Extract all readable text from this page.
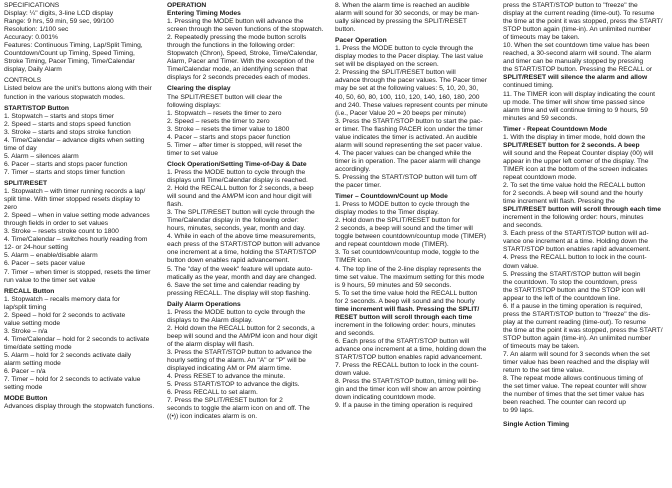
SPECIFICATIONS

Display: ¼" digits, 3-line LCD display

Range: 9 hrs, 59 min, 59 sec, 99/100

Resolution: 1/100 sec

Accuracy: 0.001%

Features: Continuous Timing, Lap/Split Timing,

Countdown/Count up Timing, Speed Timing,

Stroke Timing, Pacer Timing, Time/Calendar

display, Daily Alarm

CONTROLS

Listed below are the unit's buttons along with their

function in the various stopwatch modes.

START/STOP Button

1. Stopwatch – starts and stops timer

2. Speed – starts and stops speed function

3. Stroke – starts and stops stroke function

4. Time/Calendar – advance digits when setting

time of day

5. Alarm – silences alarm

6. Pacer – starts and stops pacer function

7. Timer – starts and stops timer function

SPLIT/RESET

1. Stopwatch – with timer running records a lap/

split time. With timer stopped resets display to

zero

2. Speed – when in value setting mode advances

through fields in order to set values

3. Stroke – resets stroke count to 1800

4. Time/Calendar – switches hourly reading from

12- or 24-hour setting

5. Alarm – enable/disable alarm

6. Pacer – sets pacer value

7. Timer – when timer is stopped, resets the timer

run value to the timer set value

RECALL Button

1. Stopwatch – recalls memory data for

lap/split timing

2. Speed – hold for 2 seconds to activate

value setting mode

3. Stroke – n/a

4. Time/Calendar – hold for 2 seconds to activate

time/date setting mode

5. Alarm – hold for 2 seconds activate daily

alarm setting mode

6. Pacer – n/a

7. Timer – hold for 2 seconds to activate value

setting mode

MODE Button

Advances display through the stopwatch functions.

OPERATION

Entering Timing Modes

1. Pressing the MODE button will advance the

screen through the seven functions of the stopwatch.

2. Repeatedly pressing the mode button scrolls

through the functions in the following order:

Stopwatch (Chron), Speed, Stroke, Time/Calendar,

Alarm, Pacer and Timer. With the exception of the

Time/Calendar mode, an identifying screen that

displays for 2 seconds precedes each of modes.

Clearing the display

The SPLIT/RESET button will clear the

following displays:

1. Stopwatch – resets the timer to zero

2. Speed – resets the timer to zero

3. Stroke – resets the timer value to 1800

4. Pacer – starts and stops pacer function

5. Timer – after timer is stopped, will reset the

timer to set value

Clock Operation/Setting Time-of-Day & Date

1. Press the MODE button to cycle through the

displays until Time/Calendar display is reached.

2. Hold the RECALL button for 2 seconds, a beep

will sound and the AM/PM icon and hour digit will

flash.

3. The SPLIT/RESET button will cycle through the

Time/Calendar display in the following order:

hours, minutes, seconds, year, month and day.

4. While in each of the above time measurements,

each press of the START/STOP button will advance

one increment at a time, holding the START/STOP

button down enables rapid advancement.

5. The "day of the week" feature will update auto-

matically as the year, month and day are changed.

6. Save the set time and calendar reading by

pressing RECALL. The display will stop flashing.

Daily Alarm Operations

1. Press the MODE button to cycle through the

displays to the Alarm display.

2. Hold down the RECALL button for 2 seconds, a

beep will sound and the AM/PM icon and hour digit

of the alarm display will flash.

3. Press the START/STOP button to advance the

hourly setting of the alarm. An "A" or "P" will be

displayed indicating AM or PM alarm time.

4. Press RESET to advance the minute.

5. Press START/STOP to advance the digits.

6. Press RECALL to set alarm.

7. Press the SPLIT/RESET button for 2

seconds to toggle the alarm icon on and off. The

((•)) icon indicates alarm is on.

8. When the alarm time is reached an audible

alarm will sound for 30 seconds, or may be man-

ually silenced by pressing the SPLIT/RESET

button.

Pacer Operation

1. Press the MODE button to cycle through the

display modes to the Pacer display. The last value

set will be displayed on the screen.

2. Pressing the SPLIT/RESET button will

advance through the pacer values. The Pacer timer

may be set at the following values: 5, 10, 20, 30,

40, 50, 60, 80, 100, 110, 120, 140, 160, 180, 200

and 240. These values represent counts per minute

(i.e., Pacer Value 20 = 20 beeps per minute)

3. Press the START/STOP button to start the pac-

er timer. The flashing PACER icon under the timer

value indicates the timer is activated. An audible

alarm will sound representing the set pacer value.

4. The pacer values can be changed while the

timer is in operation. The pacer alarm will change

accordingly.

5. Pressing the START/STOP button will turn off

the pacer timer.

Timer – Countdown/Count up Mode

1. Press to MODE button to cycle through the

display modes to the Timer display.

2. Hold down the SPLIT/RESET button for

2 seconds, a beep will sound and the timer will

toggle between countdown/countup mode (TIMER)

and repeat countdown mode (TIMER).

3. To set countdown/countup mode, toggle to the

TIMER icon.

4. The top line of the 2-line display represents the

time set value. The maximum setting for this mode

is 9 hours, 59 minutes and 59 seconds.

5. To set the time value hold the RECALL button

for 2 seconds. A beep will sound and the hourly

time increment will flash. Pressing the SPLIT/

RESET button will scroll through each time

increment in the following order: hours, minutes

and seconds.

6. Each press of the START/STOP button will

advance one increment at a time, holding down the

START/STOP button enables rapid advancement.

7. Press the RECALL button to lock in the count-

down value.

8. Press the START/STOP button, timing will be-

gin and the timer icon will show an arrow pointing

down indicating countdown mode.

9. If a pause in the timing operation is required

press the START/STOP button to "freeze" the

display at the current reading (time-out). To resume

the time at the point it was stopped, press the START/

STOP button again (time-in). An unlimited number

of timeouts may be taken.

10. When the set countdown time value has been

reached, a 30-second alarm will sound. The alarm

and timer can be manually stopped by pressing

the START/STOP button. Pressing the RECALL or

SPLIT/RESET will silence the alarm and allow

continued timing.

11. The TIMER icon will display indicating the count

up mode. The timer will show time passed since

alarm time and will continue timing to 9 hours, 59

minutes and 59 seconds.

Timer - Repeat Countdown Mode

1. With the display in timer mode, hold down the

SPLIT/RESET button for 2 seconds. A beep

will sound and the Repeat Counter display (00) will

appear in the upper left corner of the display. The

TIMER icon at the bottom of the screen indicates

repeat countdown mode.

2. To set the time value hold the RECALL button

for 2 seconds. A beep will sound and the hourly

time increment will flash. Pressing the

SPLIT/RESET button will scroll through each time

increment in the following order: hours, minutes

and seconds.

3. Each press of the START/STOP button will ad-

vance one increment at a time. Holding down the

START/STOP button enables rapid advancement.

4. Press the RECALL button to lock in the count-

down value.

5. Pressing the START/STOP button will begin

the countdown. To stop the countdown, press

the START/STOP button and the STOP icon will

appear to the left of the countdown line.

6. If a pause in the timing operation is required,

press the START/STOP button to "freeze" the dis-

play at the current reading (time-out). To resume

the time at the point it was stopped, press the START/

STOP button again (time-in). An unlimited number

of timeouts may be taken.

7. An alarm will sound for 3 seconds when the set

timer value has been reached and the display will

return to the set time value.

8. The repeat mode allows continuous timing of

the set timer value. The repeat counter will show

the number of times that the set timer value has

been reached. The counter can record up

to 99 laps.

Single Action Timing
